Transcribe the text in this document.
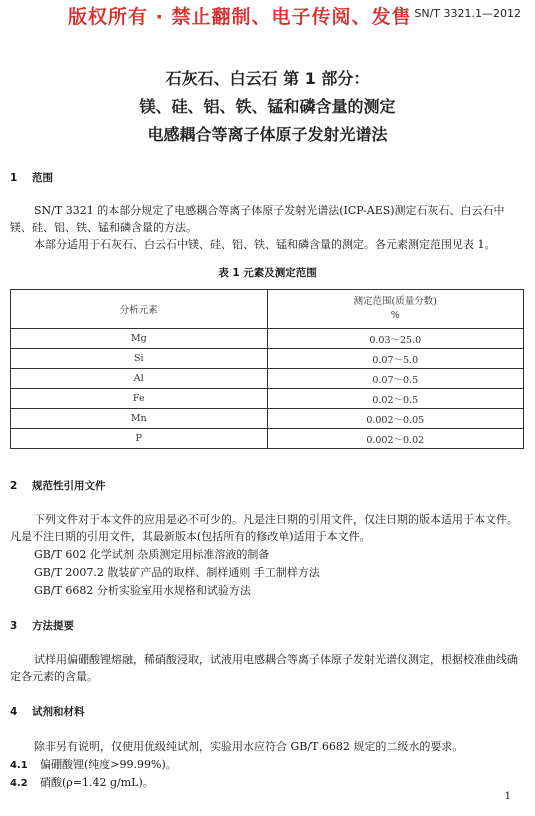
版权所有 · 禁止翻制、电子传阅、发售 SN/T 3321.1—2012
石灰石、白云石 第 1 部分：
镁、硅、铝、铁、锰和磷含量的测定
电感耦合等离子体原子发射光谱法
1 范围
SN/T 3321 的本部分规定了电感耦合等离子体原子发射光谱法(ICP-AES)测定石灰石、白云石中镁、硅、铝、铁、锰和磷含量的方法。
本部分适用于石灰石、白云石中镁、硅、铝、铁、锰和磷含量的测定。各元素测定范围见表 1。
表 1 元素及测定范围
分析元素	测定范围(质量分数)
%

Mg	0.03～25.0
Si	0.07～5.0
Al	0.07～0.5
Fe	0.02～0.5
Mn	0.002～0.05
P	0.002～0.02
2 规范性引用文件
下列文件对于本文件的应用是必不可少的。凡是注日期的引用文件，仅注日期的版本适用于本文件。凡是不注日期的引用文件，其最新版本(包括所有的修改单)适用于本文件。
GB/T 602 化学试剂 杂质测定用标准溶液的制备
GB/T 2007.2 散装矿产品的取样、制样通则 手工制样方法
GB/T 6682 分析实验室用水规格和试验方法
3 方法提要
试样用偏硼酸锂熔融，稀硝酸浸取，试液用电感耦合等离子体原子发射光谱仪测定，根据校准曲线确定各元素的含量。
4 试剂和材料
除非另有说明，仅使用优级纯试剂，实验用水应符合 GB/T 6682 规定的二级水的要求。
4.1 偏硼酸锂(纯度>99.99%)。
4.2 硝酸(ρ=1.42 g/mL)。
1
